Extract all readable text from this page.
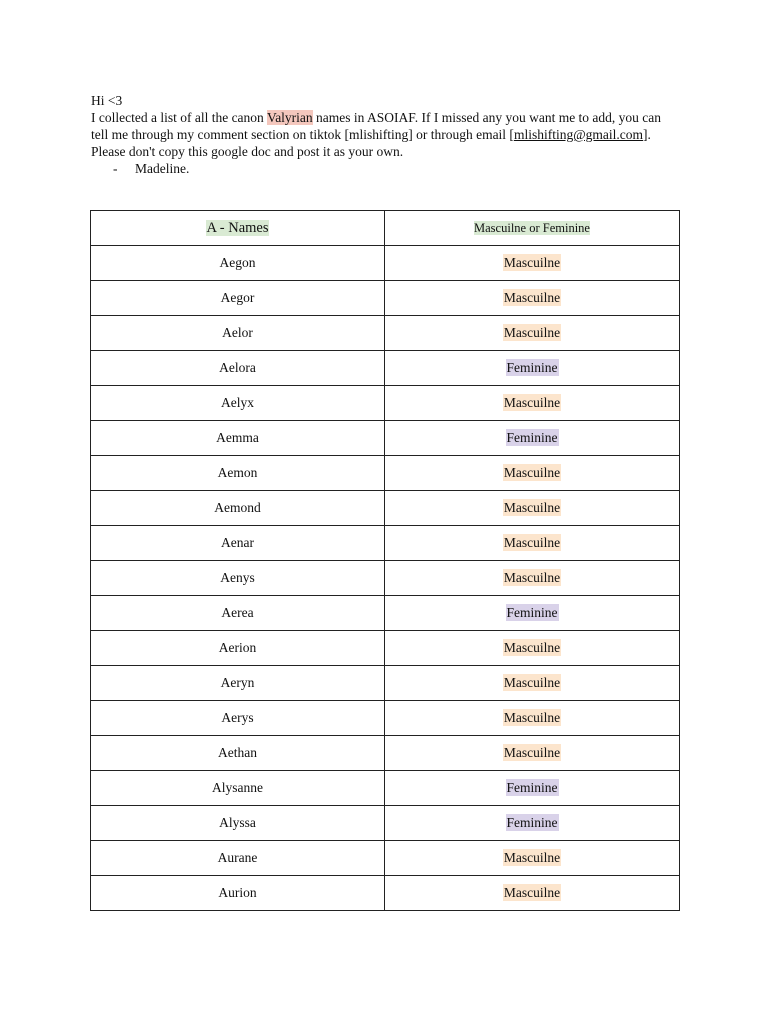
Hi <3

I collected a list of all the canon Valyrian names in ASOIAF. If I missed any you want me to add, you can

tell me through my comment section on tiktok [mlishifting] or through email [mlishifting@gmail.com].

Please don't copy this google doc and post it as your own.

- Madeline.

A - Names	Mascuilne or Feminine
Aegon	Mascuilne
Aegor	Mascuilne
Aelor	Mascuilne
Aelora	Feminine
Aelyx	Mascuilne
Aemma	Feminine
Aemon	Mascuilne
Aemond	Mascuilne
Aenar	Mascuilne
Aenys	Mascuilne
Aerea	Feminine
Aerion	Mascuilne
Aeryn	Mascuilne
Aerys	Mascuilne
Aethan	Mascuilne
Alysanne	Feminine
Alyssa	Feminine
Aurane	Mascuilne
Aurion	Mascuilne
